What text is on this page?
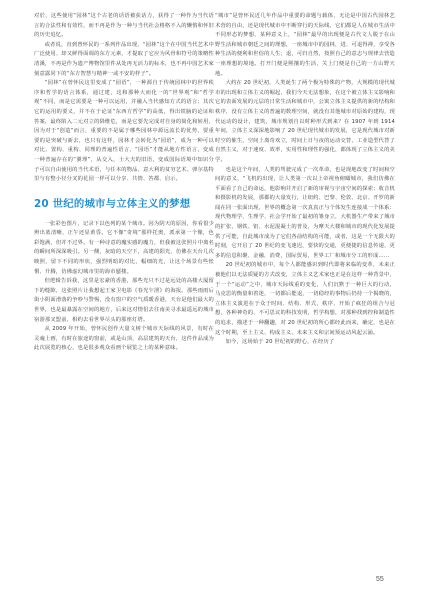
对於，这些使用“园林”这个古老的话语被获话力，获得了一种作为当代语言的合法性和有效性，而不再是作为一种与当代社会格格不入的懒惰和怀旧的历史追忆。

或者说，直到曾怀民的一系列作品出现，“园林”这个在中国当代艺术中广泛使用、却又鲜得面调的东方元素，才提取了它应为风骨和符号的策略性清溪，不再是作为遗产博物馆里件从处再无活力的标本，也不再中国艺术家刻意露同下的“东方智慧与精神一或不安的样子”。

“园林”在曾怀民这里变成了“园语”，一种源自于传统园林中的世界秩序和哲学的语言体系，通过建，这和那种大而化一的“世界观”和“哲学观”不同，而是它需要是一种可以运用，并融入当代感知方式的语言；其次它的运用的要义，并不在于论证“东西方哲学”的高低，得出铁脑的论证和答案，最终陷入二元对立的降维危，而是它要先完成对自身的简化和转用，因为对于“创造”而言，重要的不是属于哪些园林中源远流长的优势，要重要的是突破与新去，也只有这样，园林才会转化为“园语”，成为一种可以对比、置构、重构、同理的普遍性语言，“园语”才能从地方性语言，变成一种普遍存在的“翼理”，从交入，士大夫的旧语，变成国际语境中知识分子可以自由使用的当代术语，与任本的物品、意大利的贫穷艺术、弹尔基特里与有整小径分叉的花园一样可以分享、共情、答都、启示。

20 世纪的城市与立体主义的梦想

一张彩色图片，记录下以色列的某个城市。因为阴天的原因，你看很少辨出蓝清晰，正午还显黄昏。它不像“奇境”那样托奥，派承第一个像，色彩饱满，但并不过界。有一种诗意的魔实感的魔力，但我被这张照片中离名的瞬间所深深吸引。另一侧，灰暗的天空下，高建的阳光，仿佛在天台几次映照，留下不同的形状，强烈明暗的对比，幅细的光，让这个场景有些怅惘、升腾，仿佛虚幻城市里的海市蜃楼。

但逻辑告诉我，这里是宏豪的香港，那些光只不过是远处的高楼大厦留下的缝隙，这张照片让我想起王家卫电影《春光乍泄》的海报。那些雨雨后街小阴面滑落的争吵与警惕，没有窗户的空气质暖香港，天台是他们最大的世界，也是最暴露在空间的地方，后来这对情侣去往南美寻求最遥远的城市宿游那叉盟前，相约去看世界尽头的那座灯塔。

从 2009 年开始，曾怀民创作大量文树个城市天际线的风景，有时在灵魂上画，有时在旅途的窗前，或是山顶，高层建筑的天台，这件作品成为此次展览的核心，也是很多观众看画个展览之上的某种意味。

“城市”是曾怀民近几年作品中重要的命题与载体，无论是中国古代园林艺术营的自由，还是现代城市中不断穿行的天际线，它们都是人在城市生活中不同形态的梦想，某种意义上，“园林”最早的出现便是古代文人脱于在山野生活和城市朝廷之间的理想，一座城市中的园林，进、可退得禅，享受各种生活的便利和世俗的人生；退，可归自然，按照自己的意志与规律去营造一座理想的境地。打开门便是熙攘的生活，关上门便是自己的一方山野天地。

大约在 20 世纪初，人类诞生了两个极为特殊的产物，大规模的现代城市的出现和立体主义的崛起，我们今天无法想象，在这个被立体主义影响和它的表面发展的元层的日常生活和城市中，公寓立体主义提供的新的结构和秩序，没有立体主义的普遍的数理空间，就没有其他城市对原始的建构，现代运动的设计，建筑，城市规划自以时种形式到来？在 1907 年到 1914 年间，立体主义深深地影响了 20 世纪现代城市的发展，它是现代城市对新时空的催生，空间上离奇欢立，时间上日与夜的运动交替，工业造型代替了自然主义，对于速度、效率，实用性和理性的强化，都体现了立体主义的美学。

也是这个年间，人类的驾驶完成了一次革命，也是现地改变了时间和空间的意义，“飞机的出现，让人类第一次以上帝视角俯瞰城市，我们仿佛在平面看了自己的命运，他影响并开启了新的审视与宇宙空间的探索；收音机和摄影机的发展，那都的大量发行，让纽约、巴黎、伦敦、北京、开罗的新闻在同一张面出现，世界的概念第一次真真正与个体发生连接成一个体系：现代物理学、生理学、社会学开始了最初的雏身立，大机器生产带来了城市的扩张，钢铁、铝、水泥混凝土的普及，为摩天大楼和城市的现代化发展提供了可能，自此城市成为了它们各前结构的可能，或者，这是一个无限大的时刻，它开启了 20 世纪的变飞速迟，要快的交通，更便捷的信息传递，更多的信息积聚、金融，消费，国际贸易，世界工厂和城市分工的形成……

20 世纪初的城市中，每个人都能感识到时代即将来临的变革，未来正被他们以无法质疑的方式改变，立体主义艺术家也正是在这样一种背景中，于一个“运动”之中，城市天际线重的变化，人们沉默于一种巨大的行动，马克思的衡量和着迷，一切都后能退，一切稳经的事物后仍持一个揭晓的，立体主义演进在于众于时间、结构、形式、秩序、开始了疯狂的组合与冠想，各种神奇的、不可思议的科技发明，哲学构想，对那种找到控和制造性的追求，描述于一种翻趣，对 20 世纪初的所心都经此而来，确定，也是在这个时期，至上主义、构成主义、未来主义和宗间预运动风起云涌。

如今，这场始于 20 世纪初的野心，在经历了

55
